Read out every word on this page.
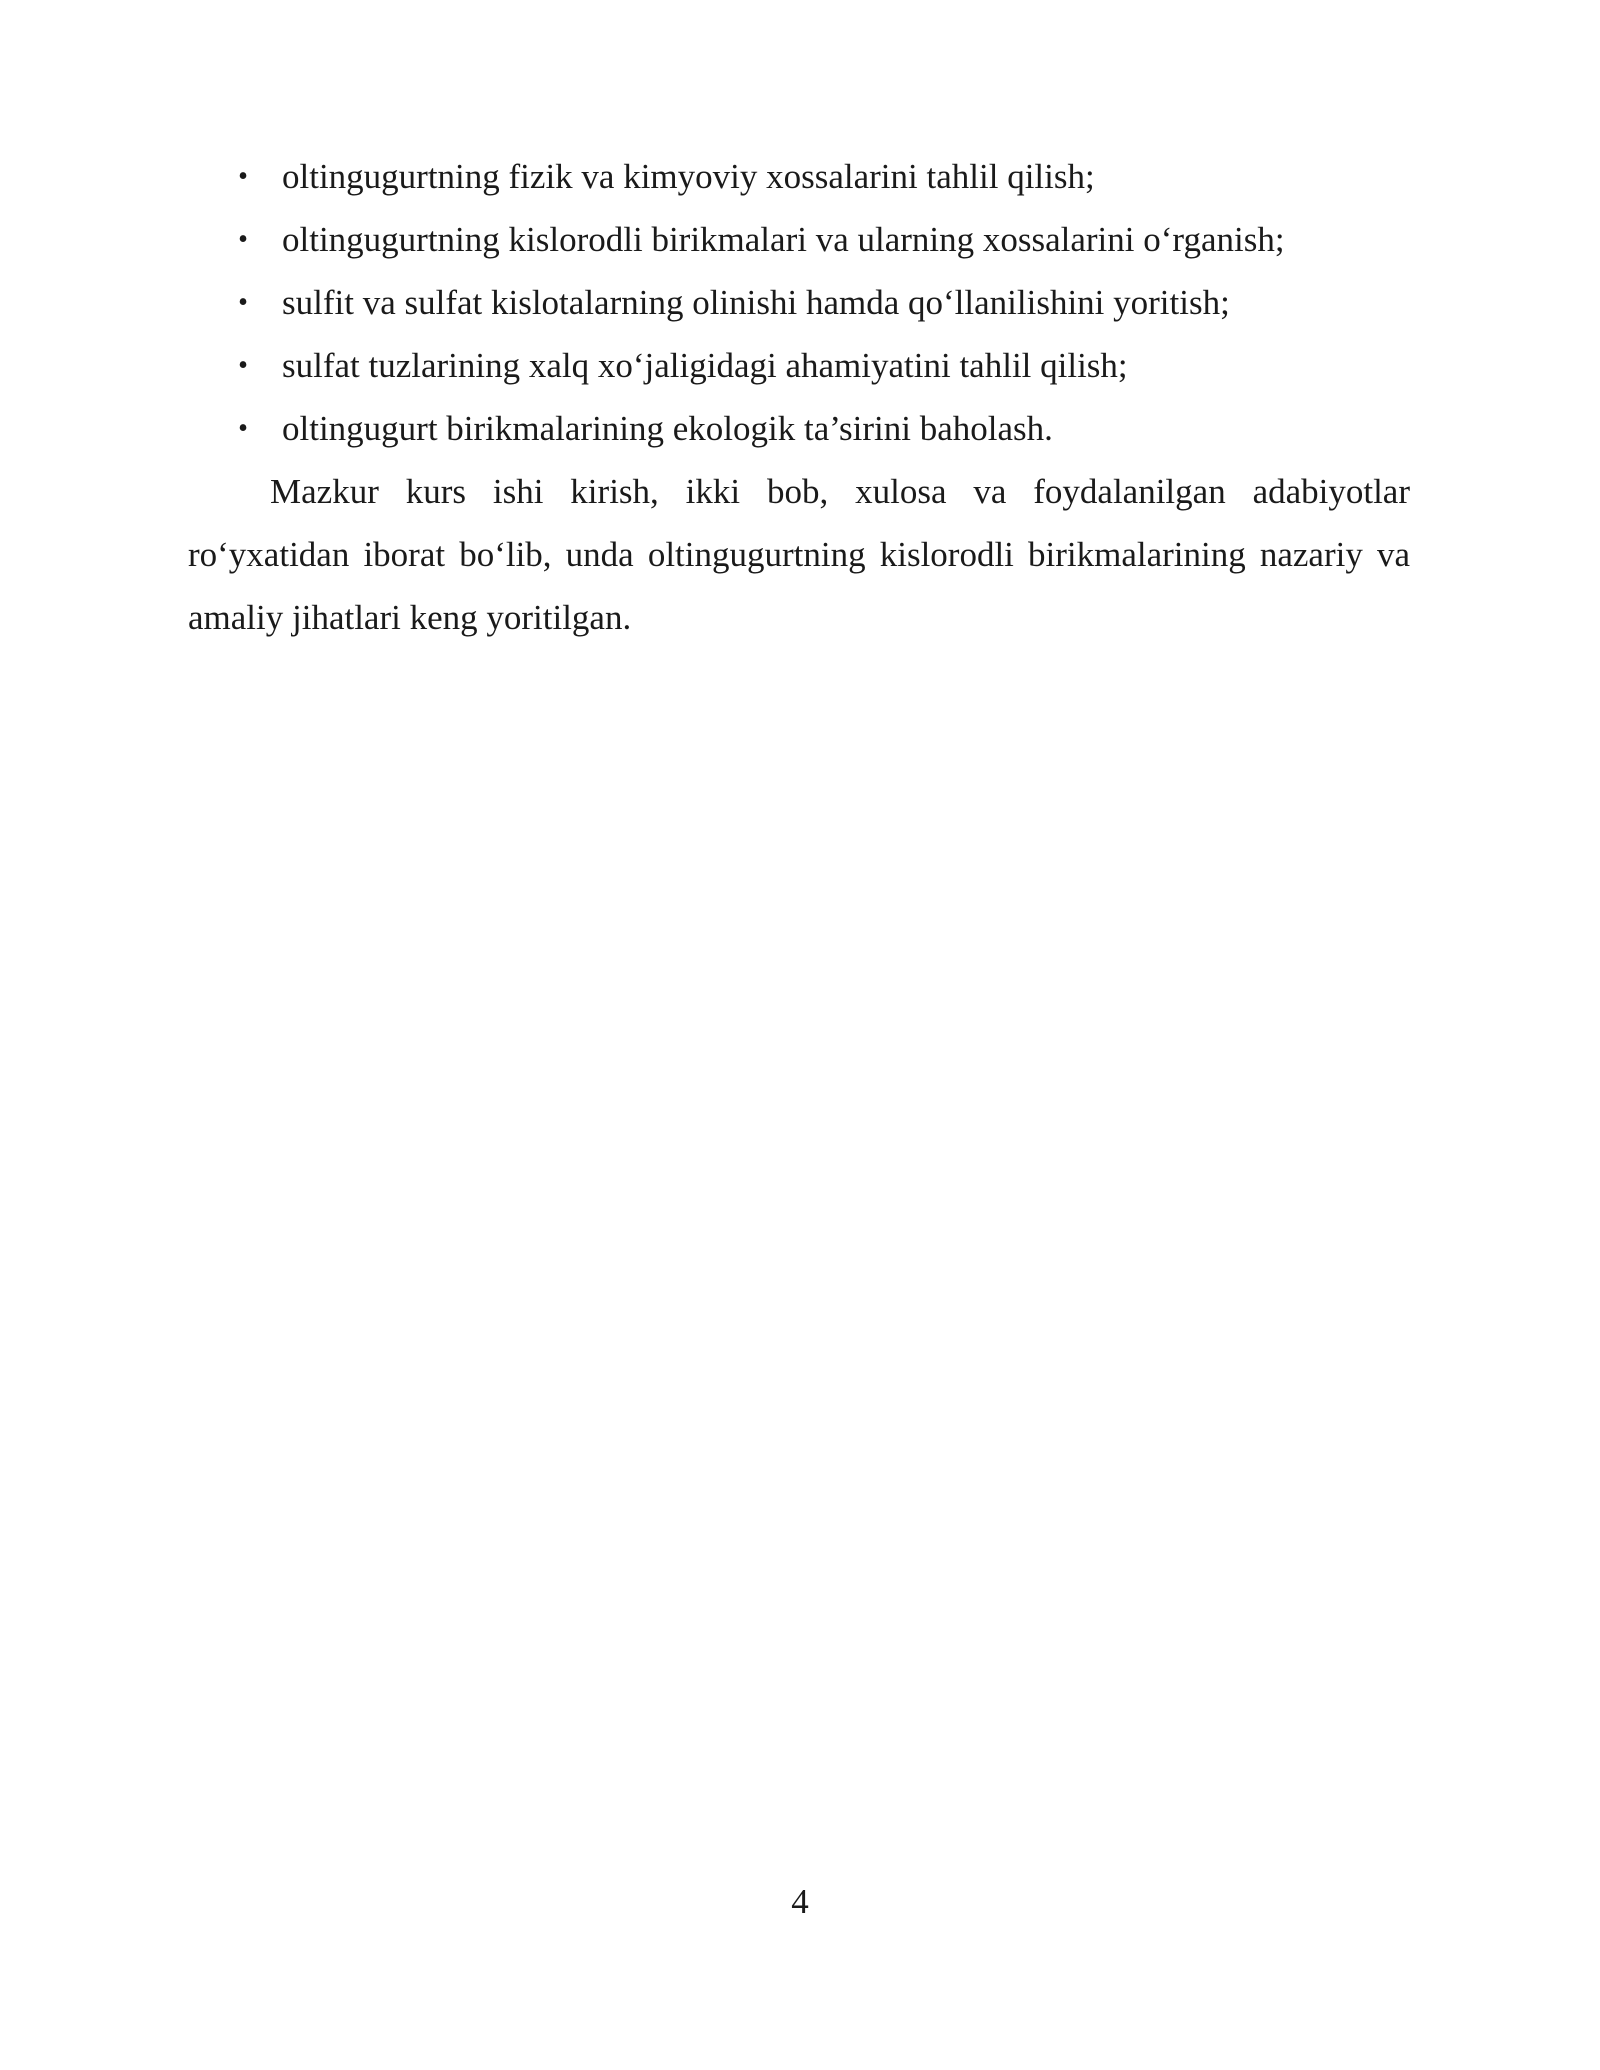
• oltingugurtning fizik va kimyoviy xossalarini tahlil qilish;
• oltingugurtning kislorodli birikmalari va ularning xossalarini o‘rganish;
• sulfit va sulfat kislotalarning olinishi hamda qo‘llanilishini yoritish;
• sulfat tuzlarining xalq xo‘jaligidagi ahamiyatini tahlil qilish;
• oltingugurt birikmalarining ekologik ta’sirini baholash.

Mazkur kurs ishi kirish, ikki bob, xulosa va foydalanilgan adabiyotlar ro‘yxatidan iborat bo‘lib, unda oltingugurtning kislorodli birikmalarining nazariy va amaliy jihatlari keng yoritilgan.

4
